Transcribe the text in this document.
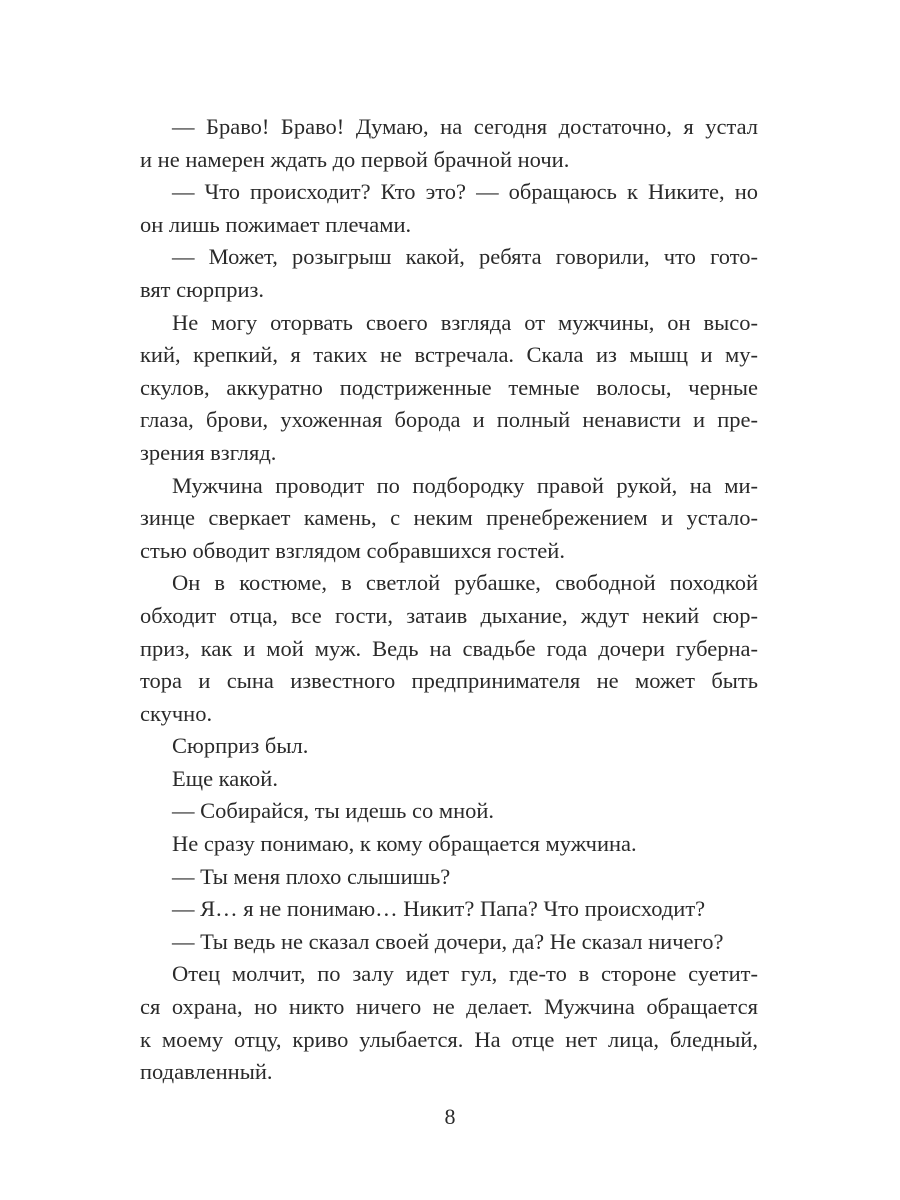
— Браво! Браво! Думаю, на сегодня достаточно, я устал
и не намерен ждать до первой брачной ночи.
— Что происходит? Кто это? — обращаюсь к Никите, но
он лишь пожимает плечами.
— Может, розыгрыш какой, ребята говорили, что гото-
вят сюрприз.
Не могу оторвать своего взгляда от мужчины, он высо-
кий, крепкий, я таких не встречала. Скала из мышц и му-
скулов, аккуратно подстриженные темные волосы, черные
глаза, брови, ухоженная борода и полный ненависти и пре-
зрения взгляд.
Мужчина проводит по подбородку правой рукой, на ми-
зинце сверкает камень, с неким пренебрежением и устало-
стью обводит взглядом собравшихся гостей.
Он в костюме, в светлой рубашке, свободной походкой
обходит отца, все гости, затаив дыхание, ждут некий сюр-
приз, как и мой муж. Ведь на свадьбе года дочери губерна-
тора и сына известного предпринимателя не может быть
скучно.
Сюрприз был.
Еще какой.
— Собирайся, ты идешь со мной.
Не сразу понимаю, к кому обращается мужчина.
— Ты меня плохо слышишь?
— Я… я не понимаю… Никит? Папа? Что происходит?
— Ты ведь не сказал своей дочери, да? Не сказал ничего?
Отец молчит, по залу идет гул, где-то в стороне суетит-
ся охрана, но никто ничего не делает. Мужчина обращается
к моему отцу, криво улыбается. На отце нет лица, бледный,
подавленный.
8
